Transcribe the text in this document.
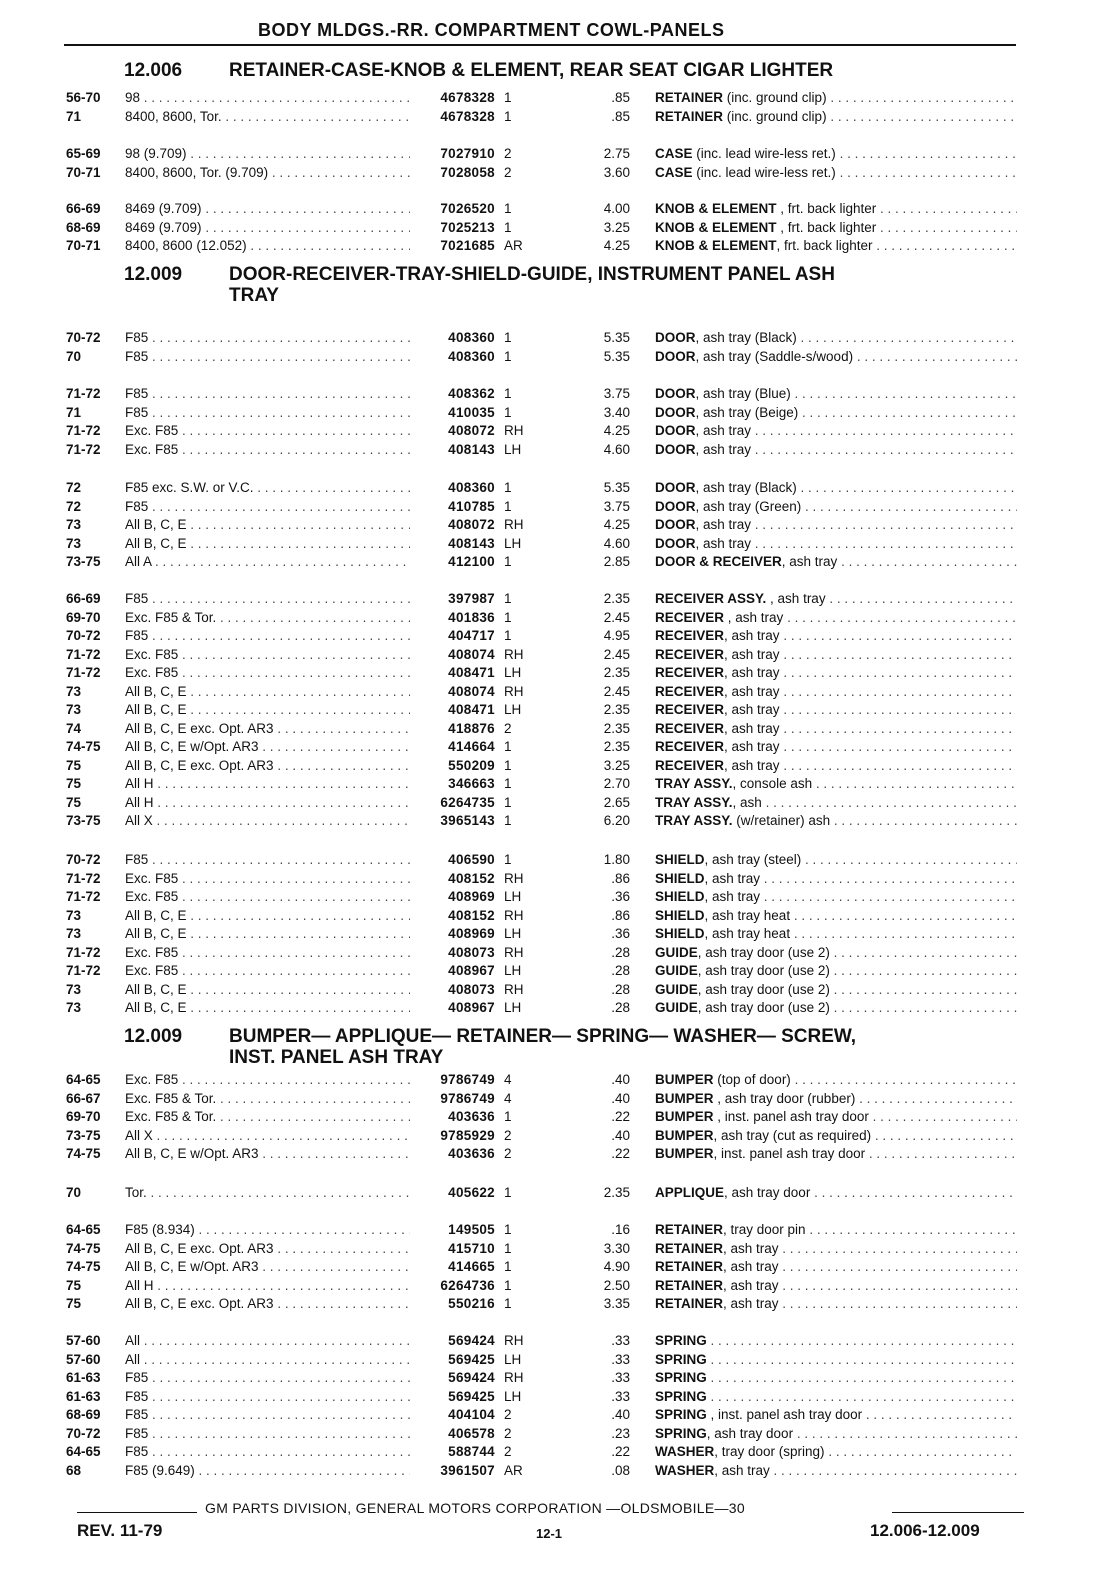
BODY MLDGS.-RR. COMPARTMENT COWL-PANELS
12.006 RETAINER-CASE-KNOB & ELEMENT, REAR SEAT CIGAR LIGHTER
56-70 98 . . .	4678328 1	.85 RETAINER (inc. ground clip) . . .
71	8400, 8600, Tor. . . .	4678328 1	.85 RETAINER (inc. ground clip) . . .
65-69 98 (9.709) . . .	7027910 2	2.75 CASE (inc. lead wire-less ret.) . . .
70-71 8400, 8600, Tor. (9.709) . . .	7028058 2	3.60 CASE (inc. lead wire-less ret.) . . .
66-69 8469 (9.709) . . .	7026520 1	4.00 KNOB & ELEMENT , frt. back lighter . . .
68-69 8469 (9.709) . . .	7025213 1	3.25 KNOB & ELEMENT , frt. back lighter . . .
70-71 8400, 8600 (12.052) . . .	7021685 AR	4.25 KNOB & ELEMENT, frt. back lighter . . .
12.009 DOOR-RECEIVER-TRAY-SHIELD-GUIDE, INSTRUMENT PANEL ASH
TRAY
70-72 F85 . . .	408360 1	5.35 DOOR, ash tray (Black) . . .
70	F85 . . .	408360 1	5.35 DOOR, ash tray (Saddle-s/wood) . . .
71-72 F85 . . .	408362 1	3.75 DOOR, ash tray (Blue) . . .
71	F85 . . .	410035 1	3.40 DOOR, ash tray (Beige) . . .
71-72 Exc. F85 . . .	408072 RH	4.25 DOOR, ash tray . . .
71-72 Exc. F85 . . .	408143 LH	4.60 DOOR, ash tray . . .
72	F85 exc. S.W. or V.C. . . .	408360 1	5.35 DOOR, ash tray (Black) . . .
72	F85 . . .	410785 1	3.75 DOOR, ash tray (Green) . . .
73	All B, C, E . . .	408072 RH	4.25 DOOR, ash tray . . .
73	All B, C, E . . .	408143 LH	4.60 DOOR, ash tray . . .
73-75 All A . . .	412100 1	2.85 DOOR & RECEIVER, ash tray . . .
66-69 F85 . . .	397987 1	2.35 RECEIVER ASSY. , ash tray . . .
69-70 Exc. F85 & Tor. . . .	401836 1	2.45 RECEIVER , ash tray . . .
70-72 F85 . . .	404717 1	4.95 RECEIVER, ash tray . . .
71-72 Exc. F85 . . .	408074 RH	2.45 RECEIVER, ash tray . . .
71-72 Exc. F85 . . .	408471 LH	2.35 RECEIVER, ash tray . . .
73	All B, C, E . . .	408074 RH	2.45 RECEIVER, ash tray . . .
73	All B, C, E . . .	408471 LH	2.35 RECEIVER, ash tray . . .
74	All B, C, E exc. Opt. AR3 . . .	418876 2	2.35 RECEIVER, ash tray . . .
74-75 All B, C, E w/Opt. AR3 . . .	414664 1	2.35 RECEIVER, ash tray . . .
75	All B, C, E exc. Opt. AR3 . . .	550209 1	3.25 RECEIVER, ash tray . . .
75	All H . . .	346663 1	2.70 TRAY ASSY., console ash . . .
75	All H . . .	6264735 1	2.65 TRAY ASSY., ash . . .
73-75 All X . . .	3965143 1	6.20 TRAY ASSY. (w/retainer) ash . . .
70-72 F85 . . .	406590 1	1.80 SHIELD, ash tray (steel) . . .
71-72 Exc. F85 . . .	408152 RH	.86 SHIELD, ash tray . . .
71-72 Exc. F85 . . .	408969 LH	.36 SHIELD, ash tray . . .
73	All B, C, E . . .	408152 RH	.86 SHIELD, ash tray heat . . .
73	All B, C, E . . .	408969 LH	.36 SHIELD, ash tray heat . . .
71-72 Exc. F85 . . .	408073 RH	.28 GUIDE, ash tray door (use 2) . . .
71-72 Exc. F85 . . .	408967 LH	.28 GUIDE, ash tray door (use 2) . . .
73	All B, C, E . . .	408073 RH	.28 GUIDE, ash tray door (use 2) . . .
73	All B, C, E . . .	408967 LH	.28 GUIDE, ash tray door (use 2) . . .
12.009 BUMPER— APPLIQUE— RETAINER— SPRING— WASHER— SCREW,
INST. PANEL ASH TRAY
64-65 Exc. F85 . . .	9786749 4	.40 BUMPER (top of door) . . .
66-67 Exc. F85 & Tor. . . .	9786749 4	.40 BUMPER , ash tray door (rubber) . . .
69-70 Exc. F85 & Tor. . . .	403636 1	.22 BUMPER , inst. panel ash tray door . . .
73-75 All X . . .	9785929 2	.40 BUMPER, ash tray (cut as required) . . .
74-75 All B, C, E w/Opt. AR3 . . .	403636 2	.22 BUMPER, inst. panel ash tray door . . .
70	Tor. . . .	405622 1	2.35 APPLIQUE, ash tray door . . .
64-65 F85 (8.934) . . .	149505 1	.16 RETAINER, tray door pin . . .
74-75 All B, C, E exc. Opt. AR3 . . .	415710 1	3.30 RETAINER, ash tray . . .
74-75 All B, C, E w/Opt. AR3 . . .	414665 1	4.90 RETAINER, ash tray . . .
75	All H . . .	6264736 1	2.50 RETAINER, ash tray . . .
75	All B, C, E exc. Opt. AR3 . . .	550216 1	3.35 RETAINER, ash tray . . .
57-60 All . . .	569424 RH	.33 SPRING . . .
57-60 All . . .	569425 LH	.33 SPRING . . .
61-63 F85 . . .	569424 RH	.33 SPRING . . .
61-63 F85 . . .	569425 LH	.33 SPRING . . .
68-69 F85 . . .	404104 2	.40 SPRING , inst. panel ash tray door . . .
70-72 F85 . . .	406578 2	.23 SPRING, ash tray door . . .
64-65 F85 . . .	588744 2	.22 WASHER, tray door (spring) . . .
68	F85 (9.649) . . .	3961507 AR	.08 WASHER, ash tray . . .
GM PARTS DIVISION, GENERAL MOTORS CORPORATION —OLDSMOBILE—30
REV. 11-79	12-1	12.006-12.009
